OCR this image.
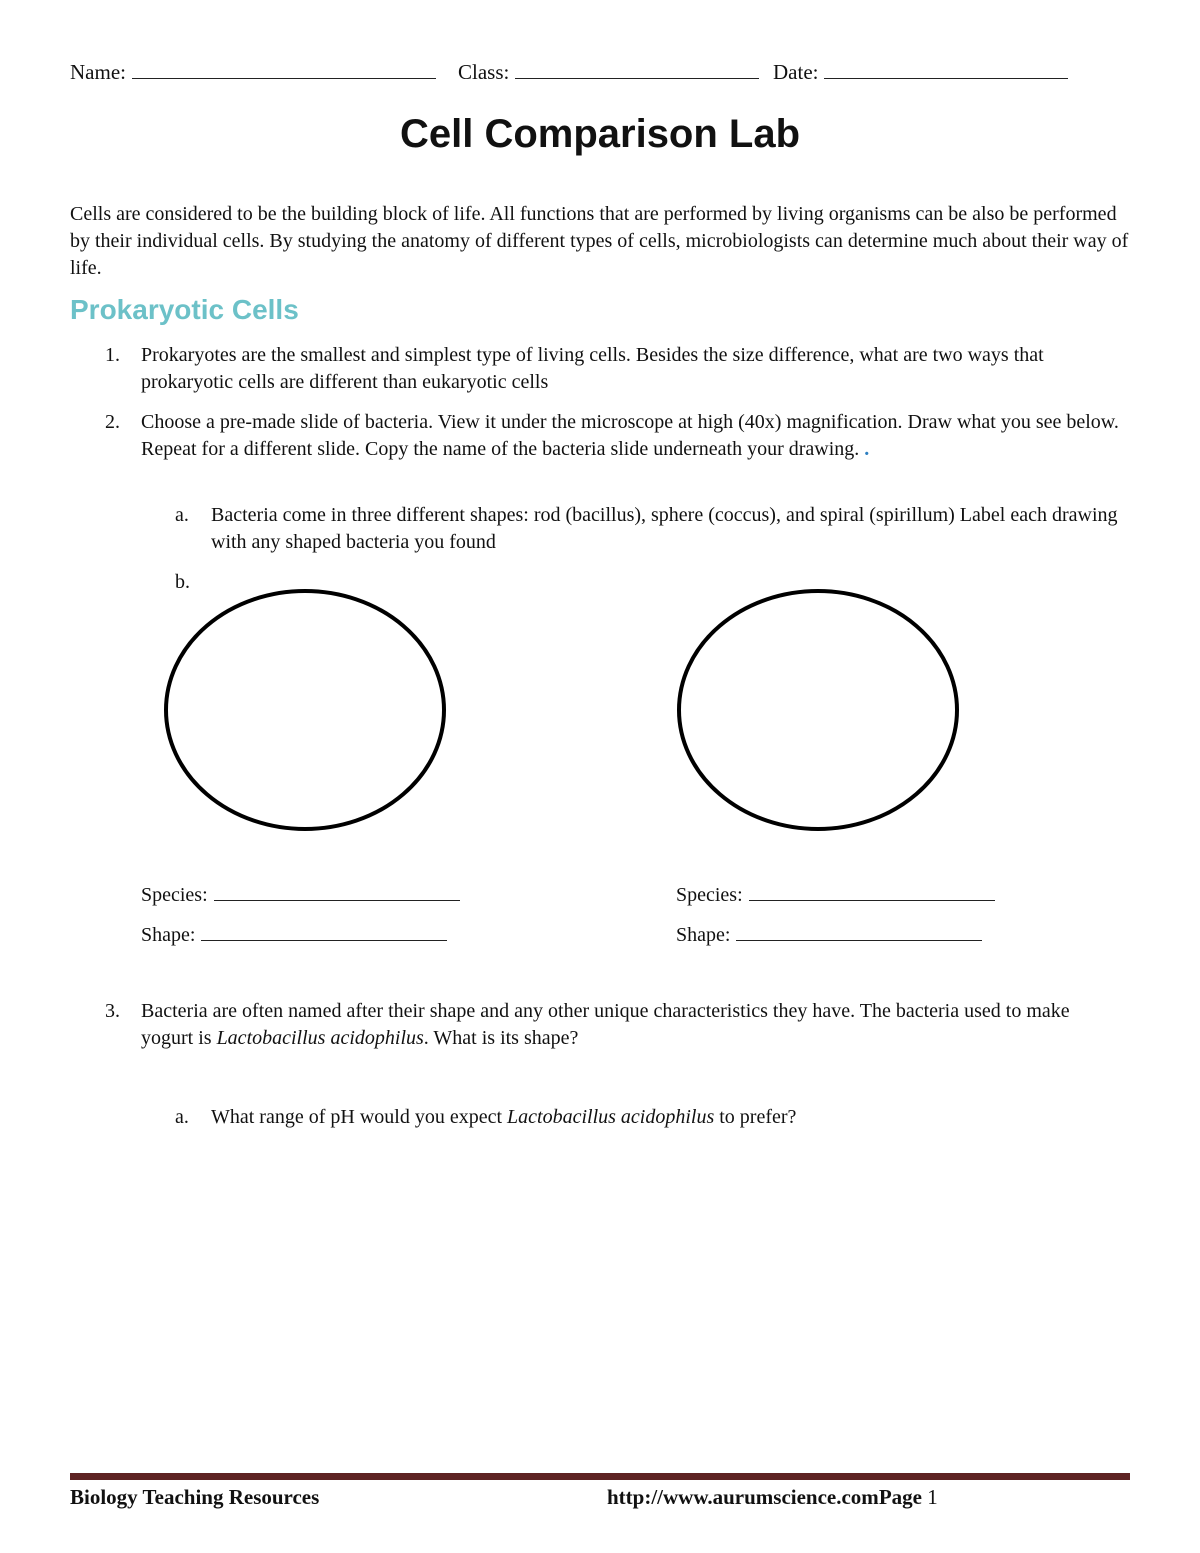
Name:	Class:	Date:
Cell Comparison Lab
Cells are considered to be the building block of life. All functions that are performed by living organisms can be also be performed by their individual cells. By studying the anatomy of different types of cells, microbiologists can determine much about their way of life.
Prokaryotic Cells
1. Prokaryotes are the smallest and simplest type of living cells. Besides the size difference, what are two ways that prokaryotic cells are different than eukaryotic cells
2. Choose a pre-made slide of bacteria. View it under the microscope at high (40x) magnification. Draw what you see below. Repeat for a different slide. Copy the name of the bacteria slide underneath your drawing. .
a. Bacteria come in three different shapes: rod (bacillus), sphere (coccus), and spiral (spirillum) Label each drawing with any shaped bacteria you found
b.
Species:
Shape:
Species:
Shape:
3. Bacteria are often named after their shape and any other unique characteristics they have. The bacteria used to make yogurt is Lactobacillus acidophilus. What is its shape?
a. What range of pH would you expect Lactobacillus acidophilus to prefer?
Biology Teaching Resources	http://www.aurumscience.comPage 1
